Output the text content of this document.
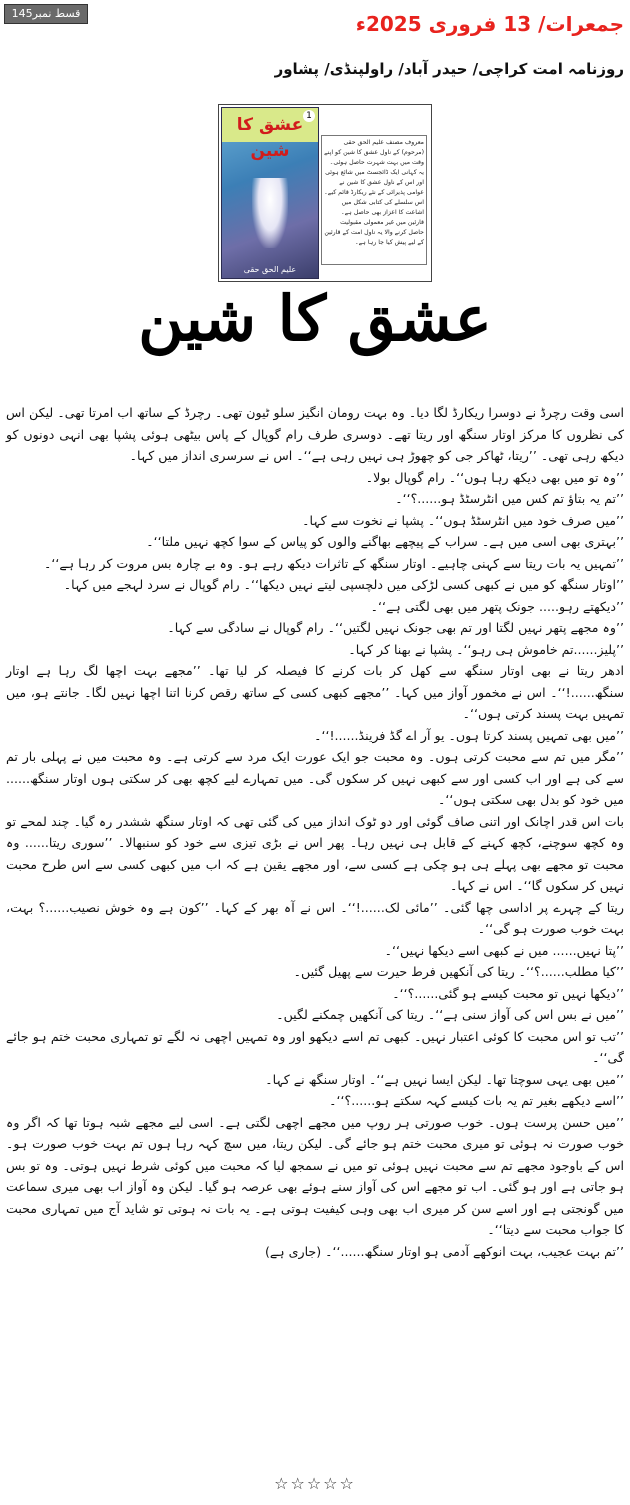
قسط نمبر145	جمعرات/ 13 فروری 2025ء
روزنامہ امت کراچی/ حیدر آباد/ راولپنڈی/ پشاور
عشق کا شین
1
علیم الحق حقی
معروف مصنف علیم الحق حقی (مرحوم) کے ناول عشق کا شین کو اپنے وقت میں بہت شہرت حاصل ہوئی۔ یہ کہانی ایک ڈائجسٹ میں شائع ہوئی اور اس کے ناول عشق کا شین نے عوامی پذیرائی کے نئے ریکارڈ قائم کیے۔ اس سلسلے کی کتابی شکل میں اشاعت کا اعزاز بھی حاصل ہے۔ قارئین میں غیر معمولی مقبولیت حاصل کرنے والا یہ ناول امت کے قارئین کے لیے پیش کیا جا رہا ہے۔
عشق کا شین

اسی وقت رچرڈ نے دوسرا ریکارڈ لگا دیا۔ وہ بہت رومان انگیز سلو ٹیون تھی۔ رچرڈ کے ساتھ اب امرتا تھی۔ لیکن اس کی نظروں کا مرکز اوتار سنگھ اور ریتا تھے۔ دوسری طرف رام گوپال کے پاس بیٹھی ہوئی پشپا بھی انہی دونوں کو دیکھ رہی تھی۔ ’’ریتا، ٹھاکر جی کو چھوڑ ہی نہیں رہی ہے‘‘۔ اس نے سرسری انداز میں کہا۔

’’وہ تو میں بھی دیکھ رہا ہوں‘‘۔ رام گوپال بولا۔

’’تم یہ بتاؤ تم کس میں انٹرسٹڈ ہو......؟‘‘۔

’’میں صرف خود میں انٹرسٹڈ ہوں‘‘۔ پشپا نے نخوت سے کہا۔

’’بہتری بھی اسی میں ہے۔ سراب کے پیچھے بھاگنے والوں کو پیاس کے سوا کچھ نہیں ملتا‘‘۔

’’تمہیں یہ بات ریتا سے کہنی چاہیے۔ اوتار سنگھ کے تاثرات دیکھ رہے ہو۔ وہ بے چارہ بس مروت کر رہا ہے‘‘۔

’’اوتار سنگھ کو میں نے کبھی کسی لڑکی میں دلچسپی لیتے نہیں دیکھا‘‘۔ رام گوپال نے سرد لہجے میں کہا۔

’’دیکھتے رہو..... جونک پتھر میں بھی لگتی ہے‘‘۔

’’وہ مجھے پتھر نہیں لگتا اور تم بھی جونک نہیں لگتیں‘‘۔ رام گوپال نے سادگی سے کہا۔

’’پلیز......تم خاموش ہی رہو‘‘۔ پشپا نے بھنا کر کہا۔

ادھر ریتا نے بھی اوتار سنگھ سے کھل کر بات کرنے کا فیصلہ کر لیا تھا۔ ’’مجھے بہت اچھا لگ رہا ہے اوتار سنگھ......!‘‘۔ اس نے مخمور آواز میں کہا۔ ’’مجھے کبھی کسی کے ساتھ رقص کرنا اتنا اچھا نہیں لگا۔ جانتے ہو، میں تمہیں بہت پسند کرتی ہوں‘‘۔

’’میں بھی تمہیں پسند کرتا ہوں۔ یو آر اے گڈ فرینڈ......!‘‘۔

’’مگر میں تم سے محبت کرتی ہوں۔ وہ محبت جو ایک عورت ایک مرد سے کرتی ہے۔ وہ محبت میں نے پہلی بار تم سے کی ہے اور اب کسی اور سے کبھی نہیں کر سکوں گی۔ میں تمہارے لیے کچھ بھی کر سکتی ہوں اوتار سنگھ...... میں خود کو بدل بھی سکتی ہوں‘‘۔

بات اس قدر اچانک اور اتنی صاف گوئی اور دو ٹوک انداز میں کی گئی تھی کہ اوتار سنگھ ششدر رہ گیا۔ چند لمحے تو وہ کچھ سوچنے، کچھ کہنے کے قابل ہی نہیں رہا۔ پھر اس نے بڑی تیزی سے خود کو سنبھالا۔ ’’سوری ریتا...... وہ محبت تو مجھے بھی پہلے ہی ہو چکی ہے کسی سے، اور مجھے یقین ہے کہ اب میں کبھی کسی سے اس طرح محبت نہیں کر سکوں گا‘‘۔ اس نے کہا۔

ریتا کے چہرے پر اداسی چھا گئی۔ ’’مائی لک......!‘‘۔ اس نے آہ بھر کے کہا۔ ’’کون ہے وہ خوش نصیب......؟ بہت، بہت خوب صورت ہو گی‘‘۔

’’پتا نہیں...... میں نے کبھی اسے دیکھا نہیں‘‘۔

’’کیا مطلب......؟‘‘۔ ریتا کی آنکھیں فرط حیرت سے پھیل گئیں۔

’’دیکھا نہیں تو محبت کیسے ہو گئی......؟‘‘۔

’’میں نے بس اس کی آواز سنی ہے‘‘۔ ریتا کی آنکھیں چمکنے لگیں۔

’’تب تو اس محبت کا کوئی اعتبار نہیں۔ کبھی تم اسے دیکھو اور وہ تمہیں اچھی نہ لگے تو تمہاری محبت ختم ہو جائے گی‘‘۔

’’میں بھی یہی سوچتا تھا۔ لیکن ایسا نہیں ہے‘‘۔ اوتار سنگھ نے کہا۔

’’اسے دیکھے بغیر تم یہ بات کیسے کہہ سکتے ہو......؟‘‘۔

’’میں حسن پرست ہوں۔ خوب صورتی ہر روپ میں مجھے اچھی لگتی ہے۔ اسی لیے مجھے شبہ ہوتا تھا کہ اگر وہ خوب صورت نہ ہوئی تو میری محبت ختم ہو جائے گی۔ لیکن ریتا، میں سچ کہہ رہا ہوں تم بہت خوب صورت ہو۔ اس کے باوجود مجھے تم سے محبت نہیں ہوئی تو میں نے سمجھ لیا کہ محبت میں کوئی شرط نہیں ہوتی۔ وہ تو بس ہو جاتی ہے اور ہو گئی۔ اب تو مجھے اس کی آواز سنے ہوئے بھی عرصہ ہو گیا۔ لیکن وہ آواز اب بھی میری سماعت میں گونجتی ہے اور اسے سن کر میری اب بھی وہی کیفیت ہوتی ہے۔ یہ بات نہ ہوتی تو شاید آج میں تمہاری محبت کا جواب محبت سے دیتا‘‘۔

’’تم بہت عجیب، بہت انوکھے آدمی ہو اوتار سنگھ......‘‘۔ (جاری ہے)

☆☆☆☆☆
